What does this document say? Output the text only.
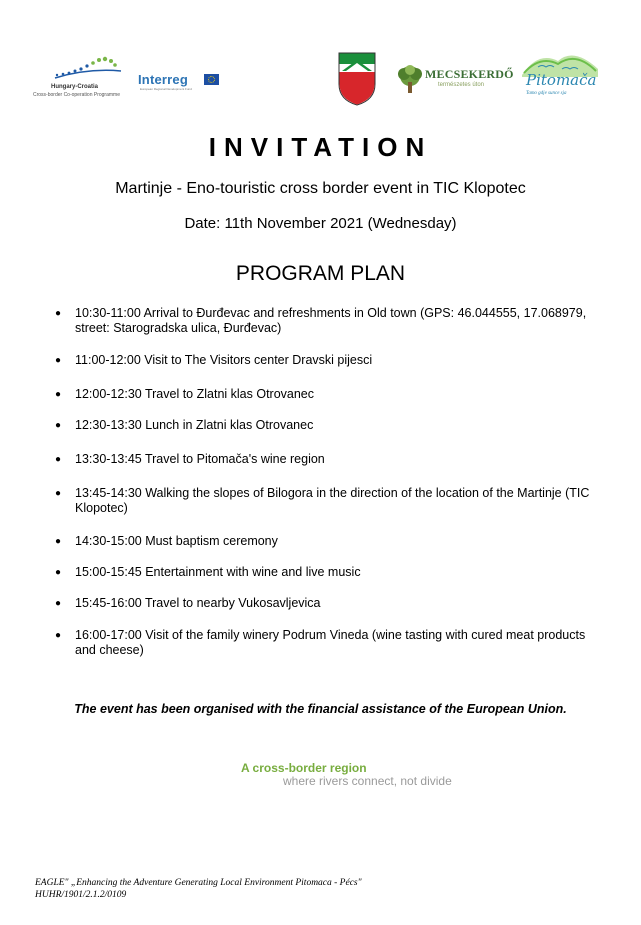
Hungary-Croatia
Cross-border Co-operation Programme
Interreg
European Regional Development Fund
MECSEKERDŐ
természetes úton	Pitomača
Tamo gdje sunce sja
INVITATION
Martinje - Eno-touristic cross border event in TIC Klopotec
Date: 11th November 2021 (Wednesday)
PROGRAM PLAN
● 10:30-11:00 Arrival to Đurđevac and refreshments in Old town (GPS: 46.044555, 17.068979, street: Starogradska ulica, Đurđevac)
● 11:00-12:00 Visit to The Visitors center Dravski pijesci
● 12:00-12:30 Travel to Zlatni klas Otrovanec
● 12:30-13:30 Lunch in Zlatni klas Otrovanec
● 13:30-13:45 Travel to Pitomača's wine region
● 13:45-14:30 Walking the slopes of Bilogora in the direction of the location of the Martinje (TIC Klopotec)
● 14:30-15:00 Must baptism ceremony
● 15:00-15:45 Entertainment with wine and live music
● 15:45-16:00 Travel to nearby Vukosavljevica
● 16:00-17:00 Visit of the family winery Podrum Vineda (wine tasting with cured meat products and cheese)
The event has been organised with the financial assistance of the European Union.
A cross-border region
where rivers connect, not divide
EAGLE" „Enhancing the Adventure Generating Local Environment Pitomaca - Pécs"
HUHR/1901/2.1.2/0109
